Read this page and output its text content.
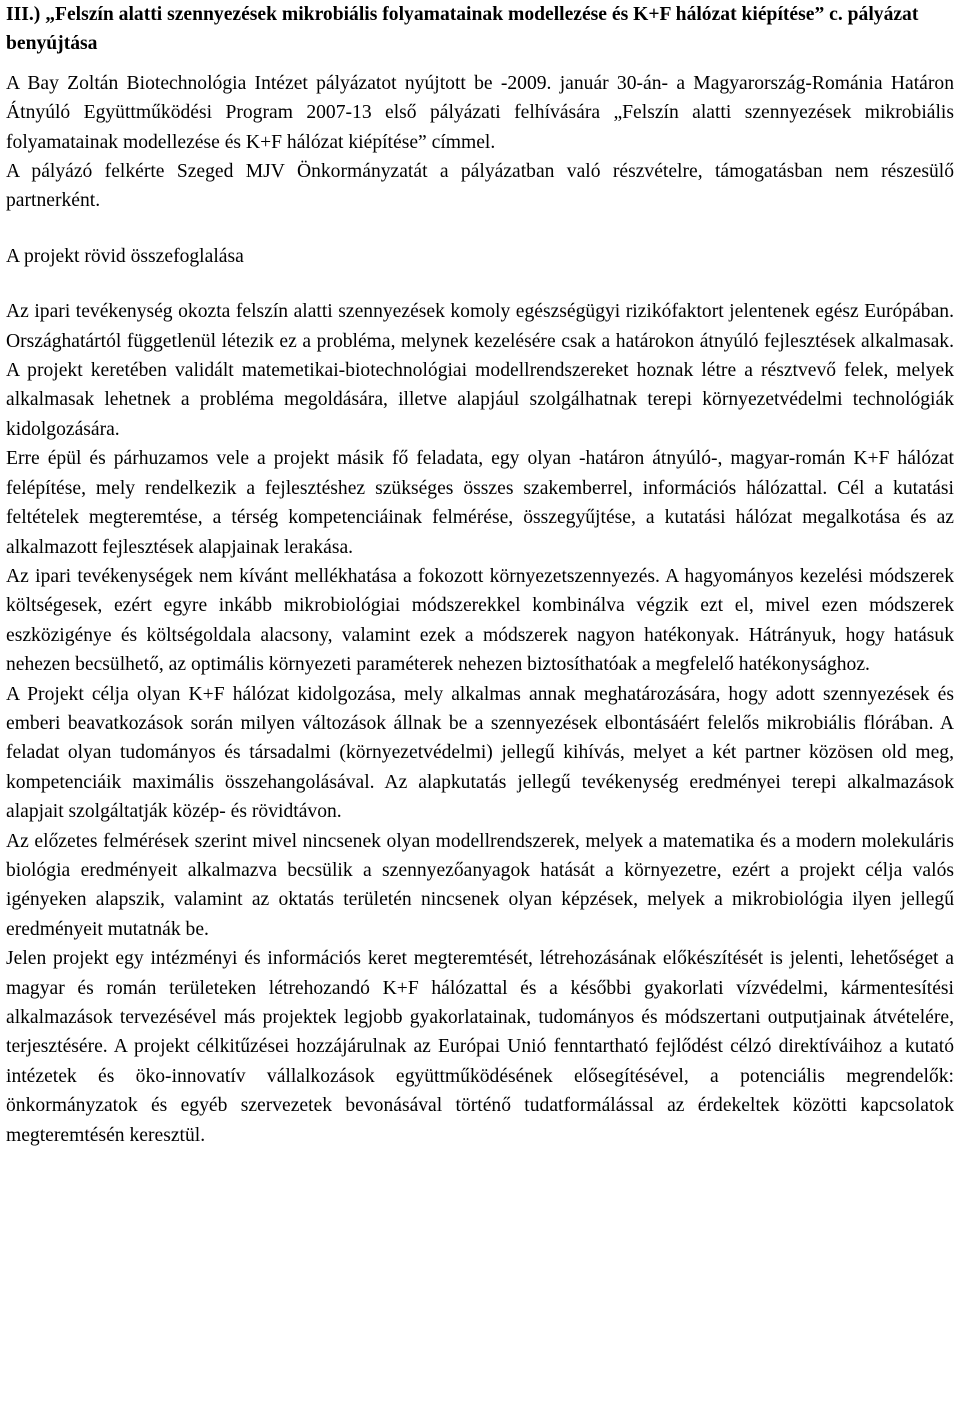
III.) „Felszín alatti szennyezések mikrobiális folyamatainak modellezése és K+F hálózat kiépítése” c. pályázat benyújtása

A Bay Zoltán Biotechnológia Intézet pályázatot nyújtott be -2009. január 30-án- a Magyarország-Románia Határon Átnyúló Együttműködési Program 2007-13 első pályázati felhívására „Felszín alatti szennyezések mikrobiális folyamatainak modellezése és K+F hálózat kiépítése” címmel.

A pályázó felkérte Szeged MJV Önkormányzatát a pályázatban való részvételre, támogatásban nem részesülő partnerként.

A projekt rövid összefoglalása

Az ipari tevékenység okozta felszín alatti szennyezések komoly egészségügyi rizikófaktort jelentenek egész Európában. Országhatártól függetlenül létezik ez a probléma, melynek kezelésére csak a határokon átnyúló fejlesztések alkalmasak. A projekt keretében validált matemetikai-biotechnológiai modellrendszereket hoznak létre a résztvevő felek, melyek alkalmasak lehetnek a probléma megoldására, illetve alapjául szolgálhatnak terepi környezetvédelmi technológiák kidolgozására.

Erre épül és párhuzamos vele a projekt másik fő feladata, egy olyan -határon átnyúló-, magyar-román K+F hálózat felépítése, mely rendelkezik a fejlesztéshez szükséges összes szakemberrel, információs hálózattal. Cél a kutatási feltételek megteremtése, a térség kompetenciáinak felmérése, összegyűjtése, a kutatási hálózat megalkotása és az alkalmazott fejlesztések alapjainak lerakása.

Az ipari tevékenységek nem kívánt mellékhatása a fokozott környezetszennyezés. A hagyományos kezelési módszerek költségesek, ezért egyre inkább mikrobiológiai módszerekkel kombinálva végzik ezt el, mivel ezen módszerek eszközigénye és költségoldala alacsony, valamint ezek a módszerek nagyon hatékonyak. Hátrányuk, hogy hatásuk nehezen becsülhető, az optimális környezeti paraméterek nehezen biztosíthatóak a megfelelő hatékonysághoz.

A Projekt célja olyan K+F hálózat kidolgozása, mely alkalmas annak meghatározására, hogy adott szennyezések és emberi beavatkozások során milyen változások állnak be a szennyezések elbontásáért felelős mikrobiális flórában. A feladat olyan tudományos és társadalmi (környezetvédelmi) jellegű kihívás, melyet a két partner közösen old meg, kompetenciáik maximális összehangolásával. Az alapkutatás jellegű tevékenység eredményei terepi alkalmazások alapjait szolgáltatják közép- és rövidtávon.

Az előzetes felmérések szerint mivel nincsenek olyan modellrendszerek, melyek a matematika és a modern molekuláris biológia eredményeit alkalmazva becsülik a szennyezőanyagok hatását a környezetre, ezért a projekt célja valós igényeken alapszik, valamint az oktatás területén nincsenek olyan képzések, melyek a mikrobiológia ilyen jellegű eredményeit mutatnák be.

Jelen projekt egy intézményi és információs keret megteremtését, létrehozásának előkészítését is jelenti, lehetőséget a magyar és román területeken létrehozandó K+F hálózattal és a későbbi gyakorlati vízvédelmi, kármentesítési alkalmazások tervezésével más projektek legjobb gyakorlatainak, tudományos és módszertani outputjainak átvételére, terjesztésére. A projekt célkitűzései hozzájárulnak az Európai Unió fenntartható fejlődést célzó direktíváihoz a kutató intézetek és öko-innovatív vállalkozások együttműködésének elősegítésével, a potenciális megrendelők: önkormányzatok és egyéb szervezetek bevonásával történő tudatformálással az érdekeltek közötti kapcsolatok megteremtésén keresztül.
